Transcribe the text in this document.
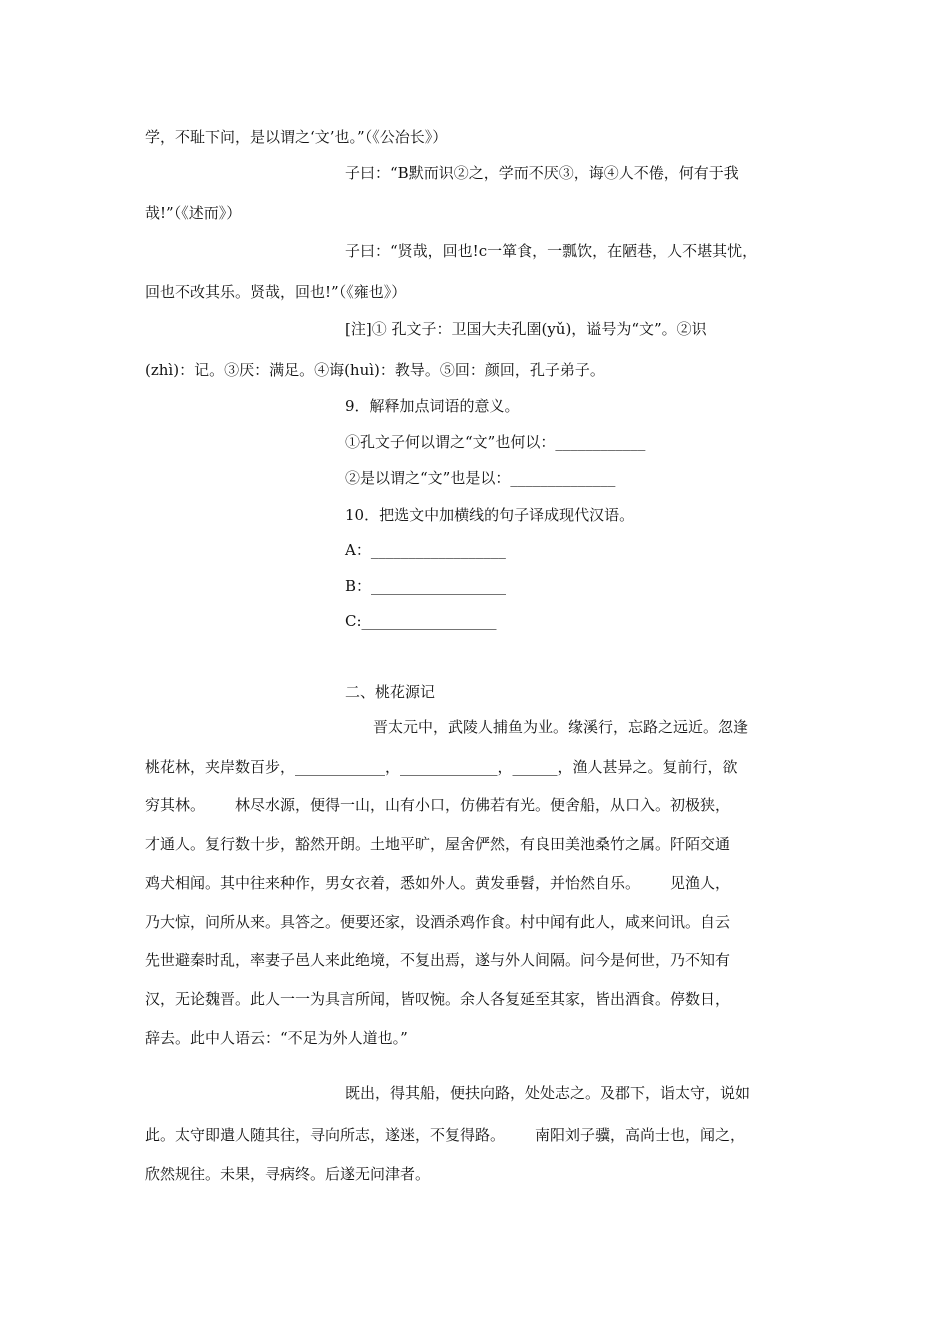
学，不耻下问，是以谓之‘文’也。”（《公冶长》）

子曰：“B默而识②之，学而不厌③，诲④人不倦，何有于我

哉!”（《述而》）

子曰：“贤哉，回也!c一箪食，一瓢饮，在陋巷，人不堪其忧，

回也不改其乐。贤哉，回也!”（《雍也》）

[注]① 孔文子：卫国大夫孔圉(yǔ)，谥号为“文”。②识

(zhì)：记。③厌：满足。④诲(huì)：教导。⑤回：颜回，孔子弟子。

9．解释加点词语的意义。

①孔文子何以谓之“文”也何以：____________

②是以谓之“文”也是以：______________

10．把选文中加横线的句子译成现代汉语。

A：__________________

B：__________________

C:__________________

二、桃花源记

晋太元中，武陵人捕鱼为业。缘溪行，忘路之远近。忽逢

桃花林，夹岸数百步，____________，_____________，______，渔人甚异之。复前行，欲

穷其林。 林尽水源，便得一山，山有小口，仿佛若有光。便舍船，从口入。初极狭，

才通人。复行数十步，豁然开朗。土地平旷，屋舍俨然，有良田美池桑竹之属。阡陌交通

鸡犬相闻。其中往来种作，男女衣着，悉如外人。黄发垂髫，并怡然自乐。 见渔人，

乃大惊，问所从来。具答之。便要还家，设酒杀鸡作食。村中闻有此人，咸来问讯。自云

先世避秦时乱，率妻子邑人来此绝境，不复出焉，遂与外人间隔。问今是何世，乃不知有

汉，无论魏晋。此人一一为具言所闻，皆叹惋。余人各复延至其家，皆出酒食。停数日，

辞去。此中人语云：“不足为外人道也。”

既出，得其船，便扶向路，处处志之。及郡下，诣太守，说如

此。太守即遣人随其往，寻向所志，遂迷，不复得路。 南阳刘子骥，高尚士也，闻之，

欣然规往。未果，寻病终。后遂无问津者。
